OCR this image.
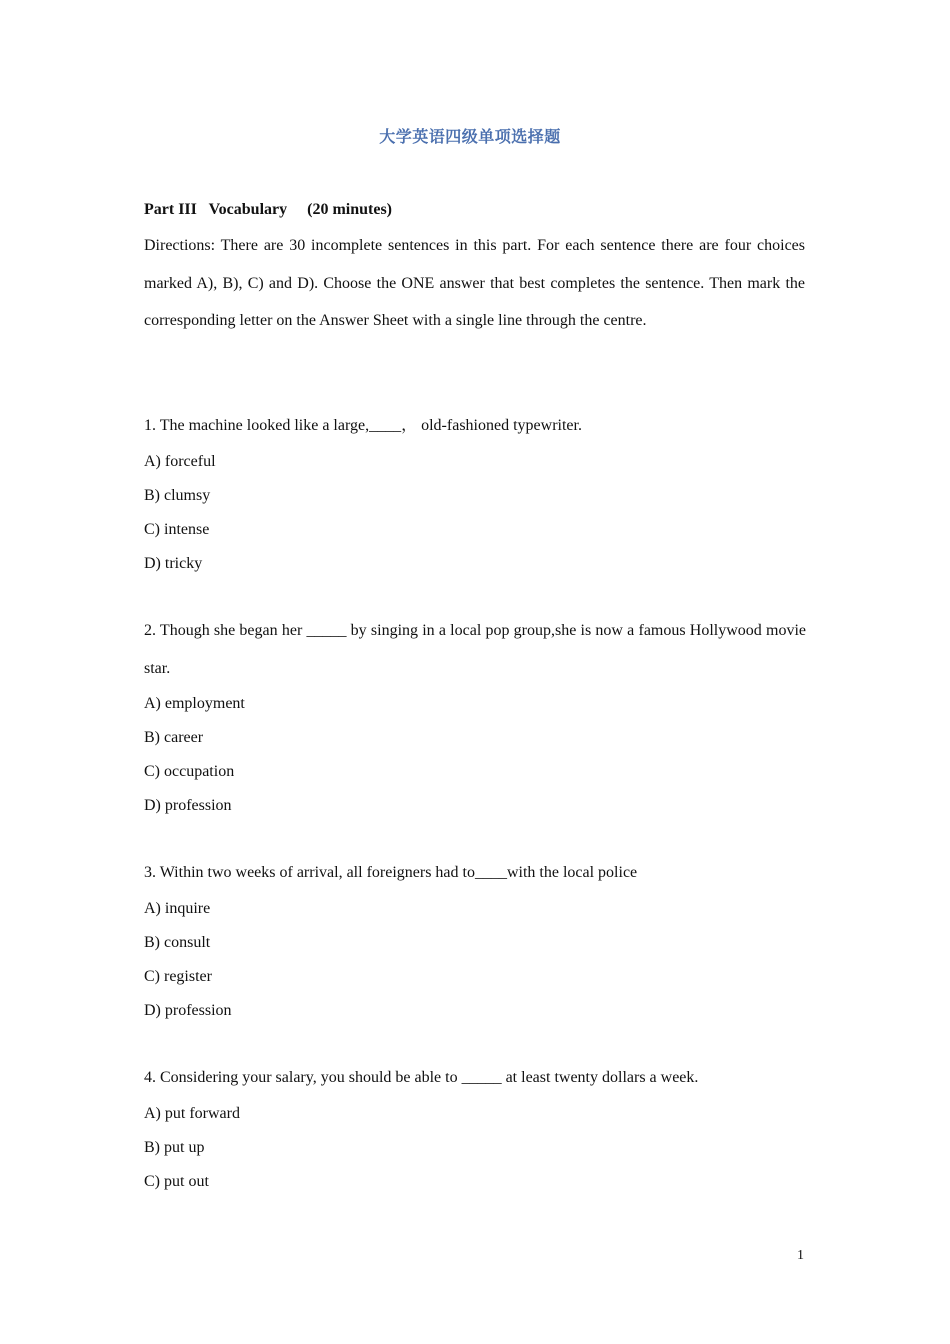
大学英语四级单项选择题
Part III   Vocabulary     (20 minutes)
Directions: There are 30 incomplete sentences in this part. For each sentence there are four choices marked A), B), C) and D). Choose the ONE answer that best completes the sentence. Then mark the corresponding letter on the Answer Sheet with a single line through the centre.
1. The machine looked like a large,____， old-fashioned typewriter.
A) forceful
B) clumsy
C) intense
D) tricky
2. Though she began her _____ by singing in a local pop group,she is now a famous Hollywood movie star.
A) employment
B) career
C) occupation
D) profession
3. Within two weeks of arrival, all foreigners had to____with the local police
A) inquire
B) consult
C) register
D) profession
4. Considering your salary, you should be able to _____ at least twenty dollars a week.
A) put forward
B) put up
C) put out
1
